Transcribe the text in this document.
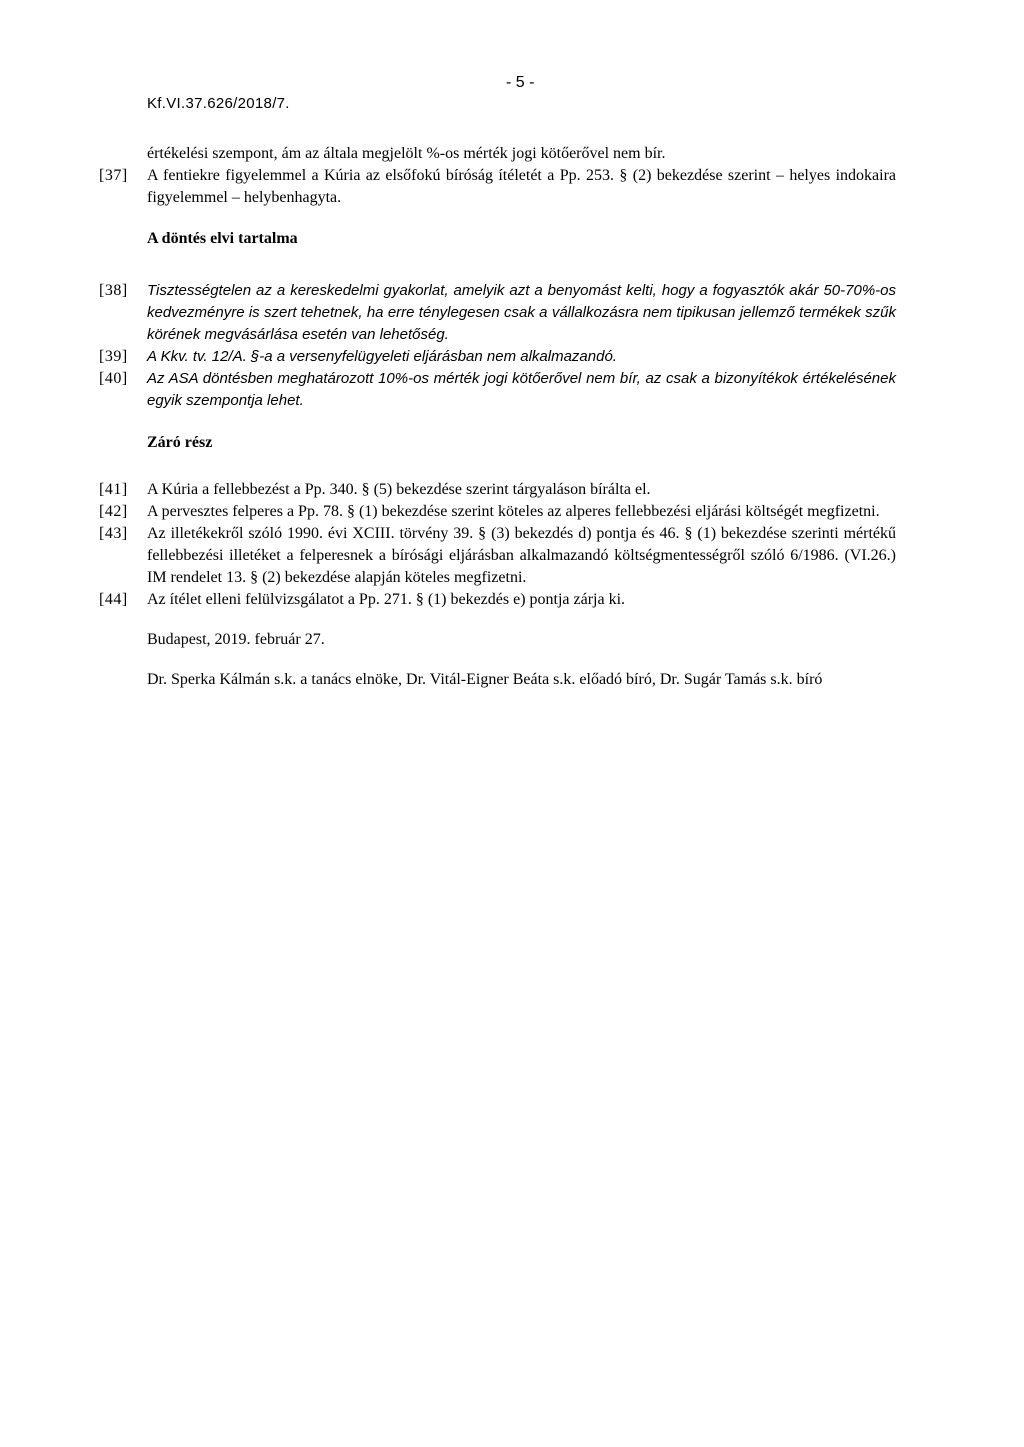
- 5 -
Kf.VI.37.626/2018/7.

értékelési szempont, ám az általa megjelölt %-os mérték jogi kötőerővel nem bír.

[37]	A fentiekre figyelemmel a Kúria az elsőfokú bíróság ítéletét a Pp. 253. § (2) bekezdése szerint – helyes indokaira figyelemmel – helybenhagyta.

A döntés elvi tartalma

[38]	Tisztességtelen az a kereskedelmi gyakorlat, amelyik azt a benyomást kelti, hogy a fogyasztók akár 50-70%-os kedvezményre is szert tehetnek, ha erre ténylegesen csak a vállalkozásra nem tipikusan jellemző termékek szűk körének megvásárlása esetén van lehetőség.
[39]	A Kkv. tv. 12/A. §-a a versenyfelügyeleti eljárásban nem alkalmazandó.
[40]	Az ASA döntésben meghatározott 10%-os mérték jogi kötőerővel nem bír, az csak a bizonyítékok értékelésének egyik szempontja lehet.

Záró rész

[41]	A Kúria a fellebbezést a Pp. 340. § (5) bekezdése szerint tárgyaláson bírálta el.
[42]	A pervesztes felperes a Pp. 78. § (1) bekezdése szerint köteles az alperes fellebbezési eljárási költségét megfizetni.
[43]	Az illetékekről szóló 1990. évi XCIII. törvény 39. § (3) bekezdés d) pontja és 46. § (1) bekezdése szerinti mértékű fellebbezési illetéket a felperesnek a bírósági eljárásban alkalmazandó költségmentességről szóló 6/1986. (VI.26.) IM rendelet 13. § (2) bekezdése alapján köteles megfizetni.
[44]	Az ítélet elleni felülvizsgálatot a Pp. 271. § (1) bekezdés e) pontja zárja ki.

Budapest, 2019. február 27.

Dr. Sperka Kálmán s.k. a tanács elnöke, Dr. Vitál-Eigner Beáta s.k. előadó bíró, Dr. Sugár Tamás s.k. bíró
